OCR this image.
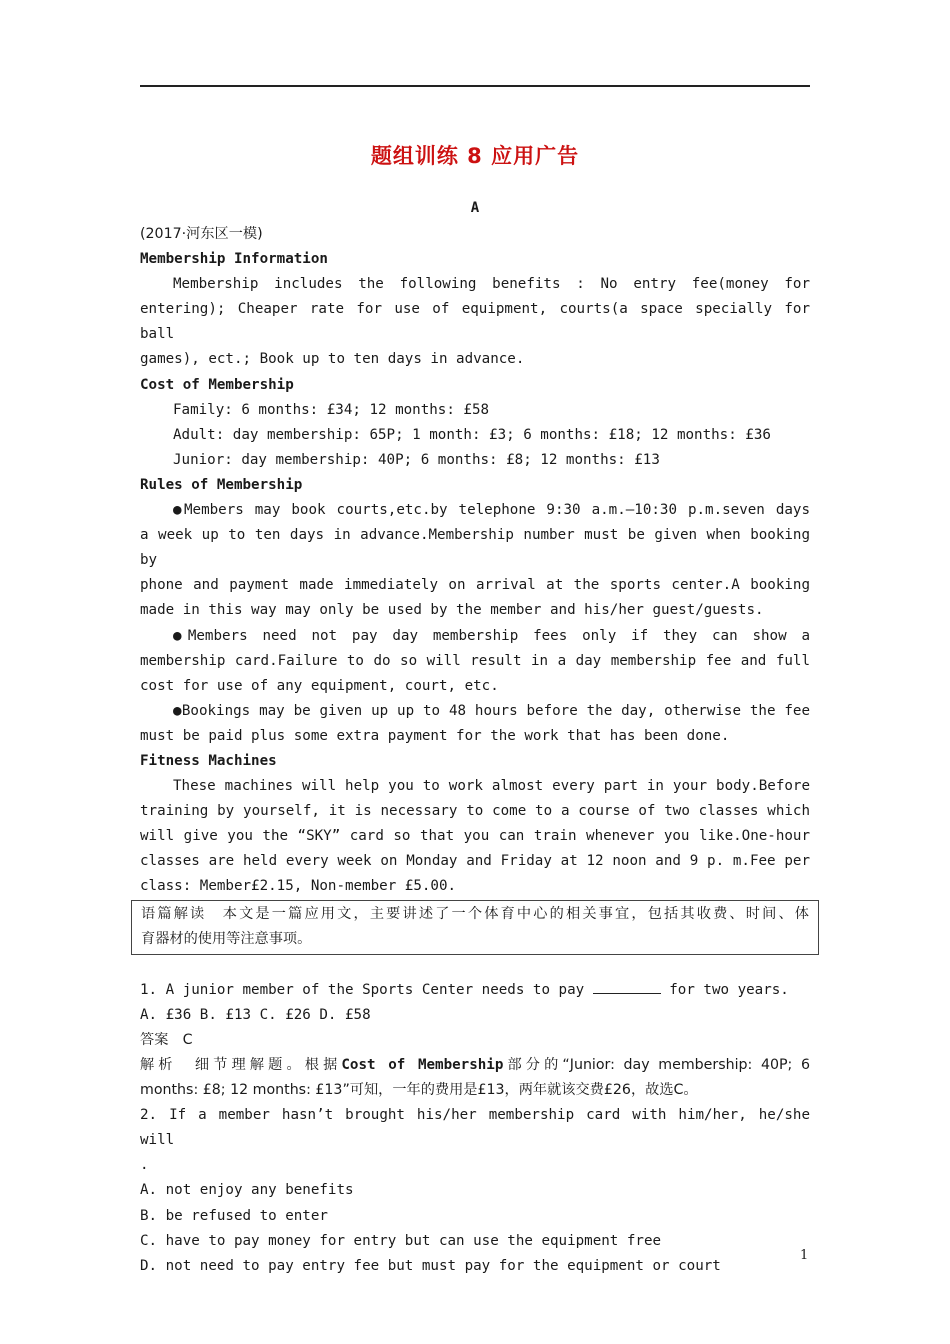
题组训练 8 应用广告
A

(2017·河东区一模)

Membership Information

Membership includes the following benefits : No entry fee(money for

entering); Cheaper rate for use of equipment, courts(a space specially for ball

games), ect.; Book up to ten days in advance.

Cost of Membership

Family: 6 months: £34; 12 months: £58

Adult: day membership: 65P; 1 month: £3; 6 months: £18; 12 months: £36

Junior: day membership: 40P; 6 months: £8; 12 months: £13

Rules of Membership

●Members may book courts,etc.by telephone 9:30 a.m.—10:30 p.m.seven days

a week up to ten days in advance.Membership number must be given when booking by

phone and payment made immediately on arrival at the sports center.A booking

made in this way may only be used by the member and his/her guest/guests.

●Members need not pay day membership fees only if they can show a

membership card.Failure to do so will result in a day membership fee and full

cost for use of any equipment, court, etc.

●Bookings may be given up up to 48 hours before the day, otherwise the fee

must be paid plus some extra payment for the work that has been done.

Fitness Machines

These machines will help you to work almost every part in your body.Before

training by yourself, it is necessary to come to a course of two classes which

will give you the “SKY” card so that you can train whenever you like.One-hour

classes are held every week on Monday and Friday at 12 noon and 9 p. m.Fee per

class: Member£2.15, Non-member £5.00.

语篇解读　本文是一篇应用文，主要讲述了一个体育中心的相关事宜，包括其收费、时间、体

育器材的使用等注意事项。

1. A junior member of the Sports Center needs to pay	for two years.

A. £36 B. £13 C. £26 D. £58

答案　C

解析　细节理解题。根据Cost of Membership部分的“Junior: day membership: 40P; 6

months: £8; 12 months: £13”可知，一年的费用是£13，两年就该交费£26，故选C。

2. If a member hasn’t brought his/her membership card with him/her, he/she will

.

A. not enjoy any benefits

B. be refused to enter

C. have to pay money for entry but can use the equipment free

D. not need to pay entry fee but must pay for the equipment or court

1
